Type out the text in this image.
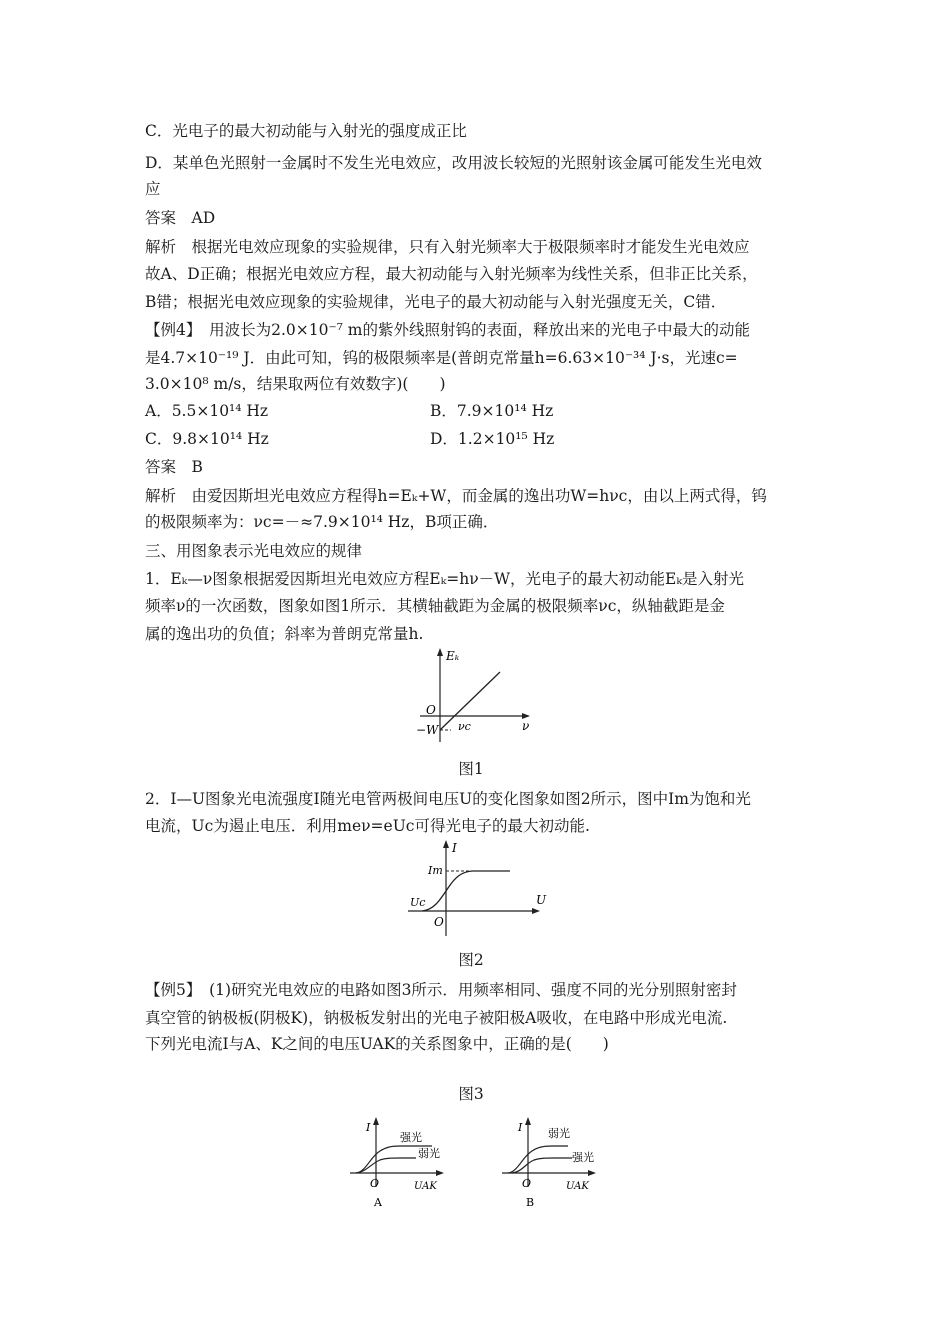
C．光电子的最大初动能与入射光的强度成正比
D．某单色光照射一金属时不发生光电效应，改用波长较短的光照射该金属可能发生光电效
应
答案　AD
解析　根据光电效应现象的实验规律，只有入射光频率大于极限频率时才能发生光电效应
故A、D正确；根据光电效应方程，最大初动能与入射光频率为线性关系，但非正比关系，
B错；根据光电效应现象的实验规律，光电子的最大初动能与入射光强度无关，C错．
【例4】　用波长为2.0×10⁻⁷ m的紫外线照射钨的表面，释放出来的光电子中最大的动能
是4.7×10⁻¹⁹ J．由此可知，钨的极限频率是(普朗克常量h=6.63×10⁻³⁴ J·s，光速c=
3.0×10⁸ m/s，结果取两位有效数字)(　　)
A．5.5×10¹⁴ Hz	B．7.9×10¹⁴ Hz
C．9.8×10¹⁴ Hz	D．1.2×10¹⁵ Hz
答案　B
解析　由爱因斯坦光电效应方程得h=Eₖ+W，而金属的逸出功W=hνc，由以上两式得，钨
的极限频率为：νc=－≈7.9×10¹⁴ Hz，B项正确．
三、用图象表示光电效应的规律
1．Eₖ—ν图象根据爱因斯坦光电效应方程Eₖ=hν－W，光电子的最大初动能Eₖ是入射光
频率ν的一次函数，图象如图1所示．其横轴截距为金属的极限频率νc，纵轴截距是金
属的逸出功的负值；斜率为普朗克常量h.
Eₖ
ν
O
−W νc
图1
2．I—U图象光电流强度I随光电管两极间电压U的变化图象如图2所示，图中Im为饱和光
电流，Uc为遏止电压．利用meν=eUc可得光电子的最大初动能.
I
U
O
Im
Uc
图2
【例5】　(1)研究光电效应的电路如图3所示．用频率相同、强度不同的光分别照射密封
真空管的钠极板(阴极K)，钠极板发射出的光电子被阳极A吸收，在电路中形成光电流.
下列光电流I与A、K之间的电压UAK的关系图象中，正确的是(　　)
图3
I
O	UAK
强光
弱光
A
I
O	UAK
弱光
强光
B
